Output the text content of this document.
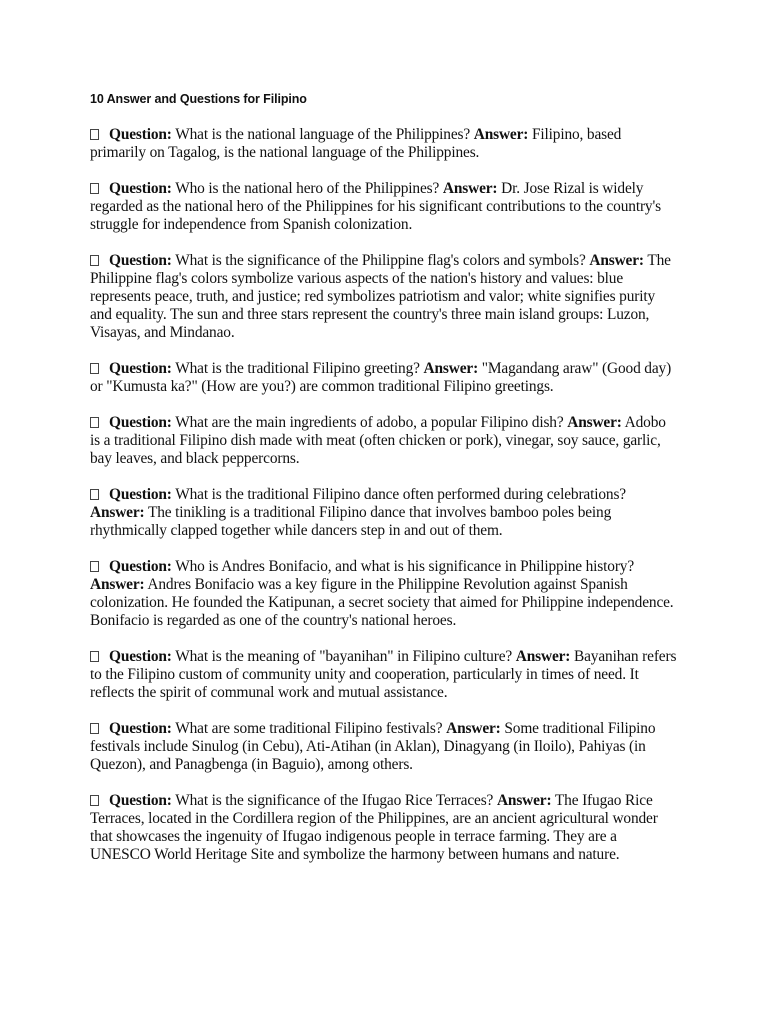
10 Answer and Questions for Filipino
Question: What is the national language of the Philippines? Answer: Filipino, based primarily on Tagalog, is the national language of the Philippines.
Question: Who is the national hero of the Philippines? Answer: Dr. Jose Rizal is widely regarded as the national hero of the Philippines for his significant contributions to the country's struggle for independence from Spanish colonization.
Question: What is the significance of the Philippine flag's colors and symbols? Answer: The Philippine flag's colors symbolize various aspects of the nation's history and values: blue represents peace, truth, and justice; red symbolizes patriotism and valor; white signifies purity and equality. The sun and three stars represent the country's three main island groups: Luzon, Visayas, and Mindanao.
Question: What is the traditional Filipino greeting? Answer: "Magandang araw" (Good day) or "Kumusta ka?" (How are you?) are common traditional Filipino greetings.
Question: What are the main ingredients of adobo, a popular Filipino dish? Answer: Adobo is a traditional Filipino dish made with meat (often chicken or pork), vinegar, soy sauce, garlic, bay leaves, and black peppercorns.
Question: What is the traditional Filipino dance often performed during celebrations? Answer: The tinikling is a traditional Filipino dance that involves bamboo poles being rhythmically clapped together while dancers step in and out of them.
Question: Who is Andres Bonifacio, and what is his significance in Philippine history? Answer: Andres Bonifacio was a key figure in the Philippine Revolution against Spanish colonization. He founded the Katipunan, a secret society that aimed for Philippine independence. Bonifacio is regarded as one of the country's national heroes.
Question: What is the meaning of "bayanihan" in Filipino culture? Answer: Bayanihan refers to the Filipino custom of community unity and cooperation, particularly in times of need. It reflects the spirit of communal work and mutual assistance.
Question: What are some traditional Filipino festivals? Answer: Some traditional Filipino festivals include Sinulog (in Cebu), Ati-Atihan (in Aklan), Dinagyang (in Iloilo), Pahiyas (in Quezon), and Panagbenga (in Baguio), among others.
Question: What is the significance of the Ifugao Rice Terraces? Answer: The Ifugao Rice Terraces, located in the Cordillera region of the Philippines, are an ancient agricultural wonder that showcases the ingenuity of Ifugao indigenous people in terrace farming. They are a UNESCO World Heritage Site and symbolize the harmony between humans and nature.
